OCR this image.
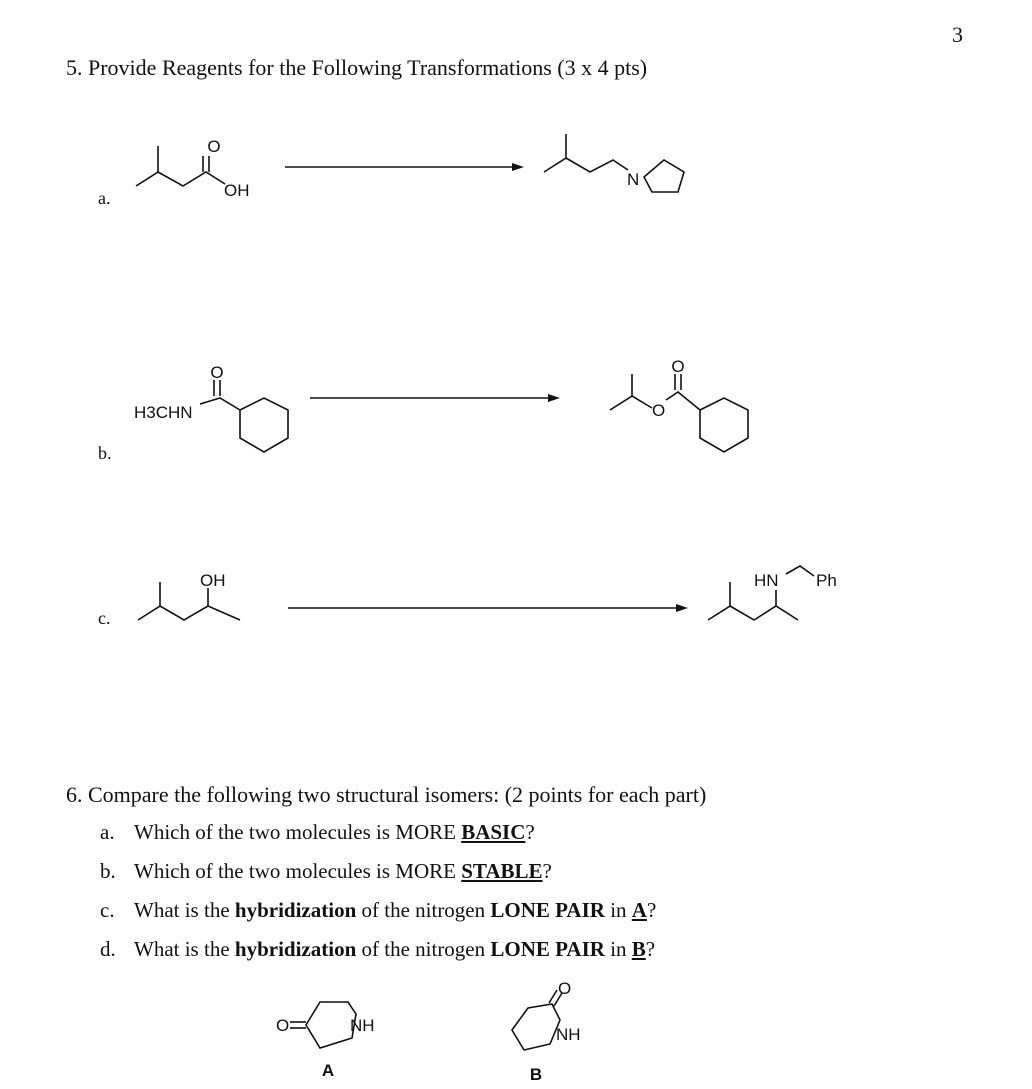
3
5. Provide Reagents for the Following Transformations (3 x 4 pts)
a.
b.
c.
O
OH
N
H3CHN
O
O
O
OH	HN Ph
O	NH
A
O
NH
B
6. Compare the following two structural isomers: (2 points for each part)
a. Which of the two molecules is MORE BASIC?
b. Which of the two molecules is MORE STABLE?
c. What is the hybridization of the nitrogen LONE PAIR in A?
d. What is the hybridization of the nitrogen LONE PAIR in B?
